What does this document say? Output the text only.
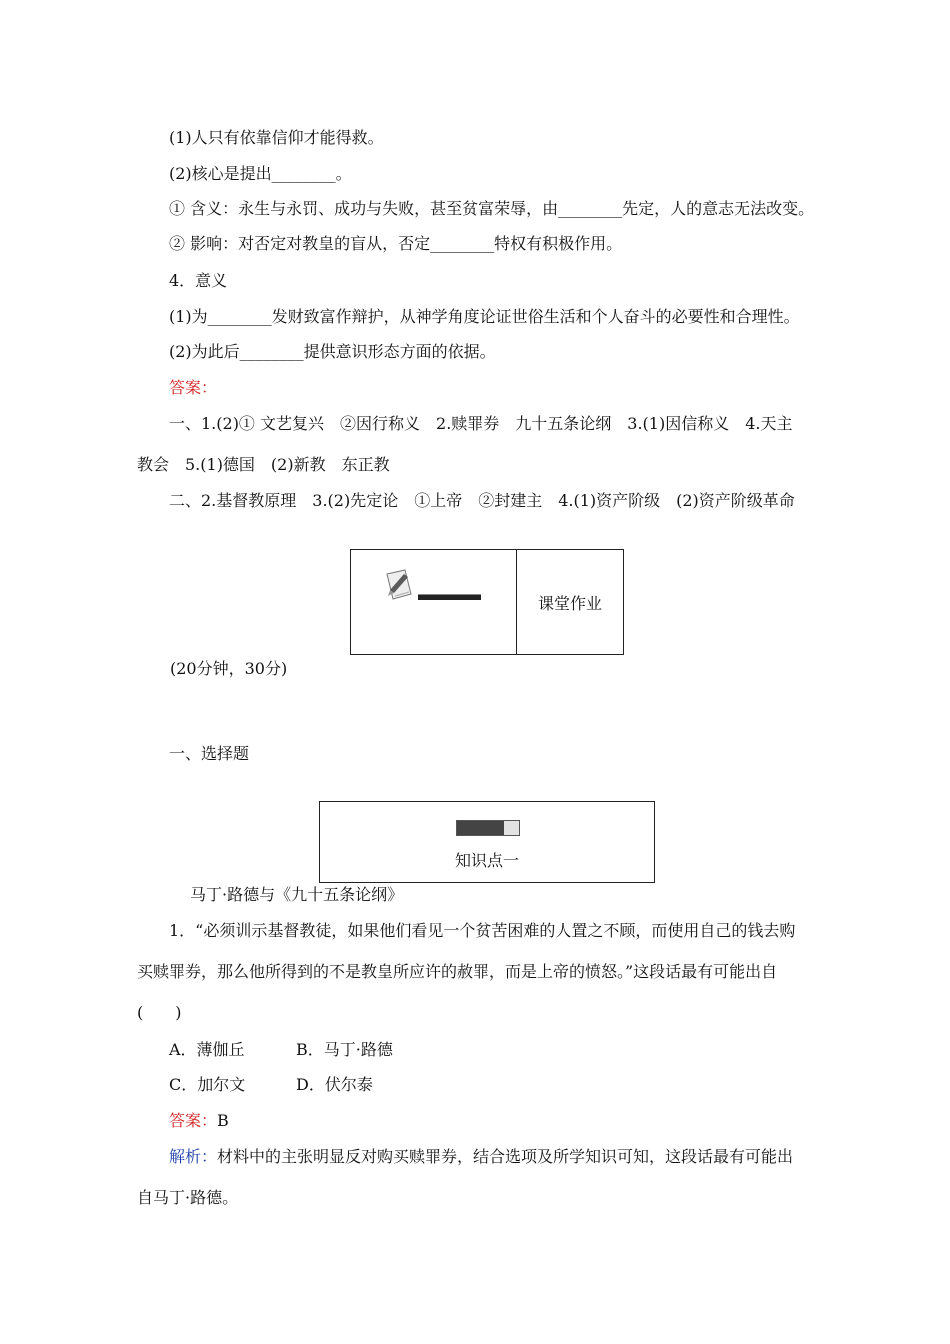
(1)人只有依靠信仰才能得救。
(2)核心是提出________。
① 含义：永生与永罚、成功与失败，甚至贫富荣辱，由________先定，人的意志无法改变。
② 影响：对否定对教皇的盲从，否定________特权有积极作用。
4．意义
(1)为________发财致富作辩护，从神学角度论证世俗生活和个人奋斗的必要性和合理性。
(2)为此后________提供意识形态方面的依据。
答案：
一、1.(2)① 文艺复兴　②因行称义　2.赎罪券　九十五条论纲　3.(1)因信称义　4.天主
教会　5.(1)德国　(2)新教　东正教
二、2.基督教原理　3.(2)先定论　①上帝　②封建主　4.(1)资产阶级　(2)资产阶级革命
课堂作业
(20分钟，30分)
一、选择题
知识点一
马丁·路德与《九十五条论纲》
1．“必须训示基督教徒，如果他们看见一个贫苦困难的人置之不顾，而使用自己的钱去购
买赎罪券，那么他所得到的不是教皇所应许的赦罪，而是上帝的愤怒。”这段话最有可能出自
(　　)
A．薄伽丘	B．马丁·路德
C．加尔文	D．伏尔泰
答案：B
解析：材料中的主张明显反对购买赎罪券，结合选项及所学知识可知，这段话最有可能出
自马丁·路德。
